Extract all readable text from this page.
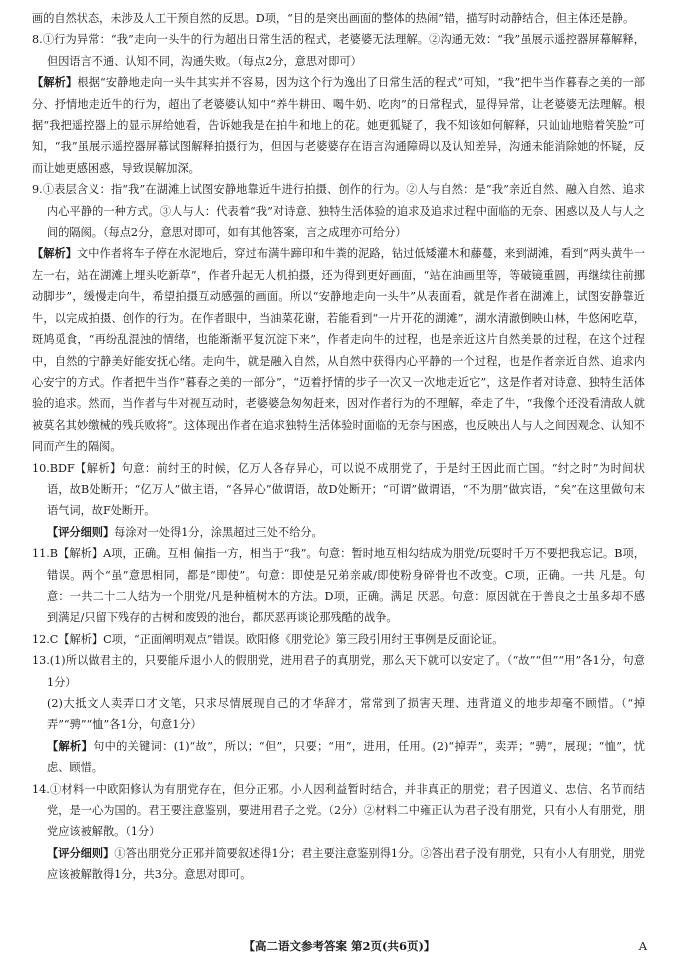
画的自然状态，未涉及人工干预自然的反思。D项，“目的是突出画面的整体的热闹”错，描写时动静结合，但主体还是静。

8.①行为异常：“我”走向一头牛的行为超出日常生活的程式，老婆婆无法理解。②沟通无效：“我”虽展示遥控器屏幕解释，但因语言不通、认知不同，沟通失败。（每点2分，意思对即可）

【解析】根据“安静地走向一头牛其实并不容易，因为这个行为逸出了日常生活的程式”可知，“我”把牛当作暮春之美的一部分、抒情地走近牛的行为，超出了老婆婆认知中“养牛耕田、喝牛奶、吃肉”的日常程式，显得异常，让老婆婆无法理解。根据“我把遥控器上的显示屏给她看，告诉她我是在拍牛和地上的花。她更狐疑了，我不知该如何解释，只讪讪地赔着笑脸”可知，“我”虽展示遥控器屏幕试图解释拍摄行为，但因与老婆婆存在语言沟通障碍以及认知差异，沟通未能消除她的怀疑，反而让她更感困惑，导致误解加深。

9.①表层含义：指“我”在湖滩上试图安静地靠近牛进行拍摄、创作的行为。②人与自然：是“我”亲近自然、融入自然、追求内心平静的一种方式。③人与人：代表着“我”对诗意、独特生活体验的追求及追求过程中面临的无奈、困惑以及人与人之间的隔阂。（每点2分，意思对即可，如有其他答案，言之成理亦可给分）

【解析】文中作者将车子停在水泥地后，穿过布满牛蹄印和牛粪的泥路，钻过低矮灌木和藤蔓，来到湖滩，看到“两头黄牛一左一右，站在湖滩上埋头吃新草”，作者升起无人机拍摄，还为得到更好画面，“站在油画里等，等破镜重圆，再继续往前挪动脚步”，缓慢走向牛，希望拍摄互动感强的画面。所以“安静地走向一头牛”从表面看，就是作者在湖滩上，试图安静靠近牛，以完成拍摄、创作的行为。在作者眼中，当油菜花谢，若能看到“一片开花的湖滩”，湖水清澈倒映山林，牛悠闲吃草，斑鸠觅食，“再纷乱混浊的情绪，也能渐渐平复沉淀下来”，作者走向牛的过程，也是亲近这片自然美景的过程，在这个过程中，自然的宁静美好能安抚心绪。走向牛，就是融入自然，从自然中获得内心平静的一个过程，也是作者亲近自然、追求内心安宁的方式。作者把牛当作“暮春之美的一部分”，“迈着抒情的步子一次又一次地走近它”，这是作者对诗意、独特生活体验的追求。然而，当作者与牛对视互动时，老婆婆急匆匆赶来，因对作者行为的不理解，牵走了牛，“我像个还没看清敌人就被莫名其妙缴械的残兵败将”。这体现出作者在追求独特生活体验时面临的无奈与困惑，也反映出人与人之间因观念、认知不同而产生的隔阂。

10.BDF【解析】句意：前纣王的时候，亿万人各存异心，可以说不成朋党了，于是纣王因此而亡国。“纣之时”为时间状语，故B处断开；“亿万人”做主语，“各异心”做谓语，故D处断开；“可谓”做谓语，“不为朋”做宾语，“矣”在这里做句末语气词，故F处断开。

【评分细则】每涂对一处得1分，涂黑超过三处不给分。

11.B【解析】A项，正确。互相 偏指一方，相当于“我”。句意：暂时地互相勾结成为朋党/玩耍时千万不要把我忘记。B项，错误。两个“虽”意思相同，都是“即使”。句意：即使是兄弟亲戚/即使粉身碎骨也不改变。C项，正确。一共 凡是。句意：一共二十二人结为一个朋党/凡是种植树木的方法。D项，正确。满足 厌恶。句意：原因就在于善良之士虽多却不感到满足/只留下残存的古树和废毁的池台，都厌恶再谈论那残酷的战争。

12.C【解析】C项，“正面阐明观点”错误。欧阳修《朋党论》第三段引用纣王事例是反面论证。

13.(1)所以做君主的，只要能斥退小人的假朋党，进用君子的真朋党，那么天下就可以安定了。（“故”“但”“用”各1分，句意1分）

(2)大抵文人卖弄口才文笔，只求尽情展现自己的才华辞才，常常到了损害天理、违背道义的地步却毫不顾惜。（“掉弄”“骋”“恤”各1分，句意1分）

【解析】句中的关键词：(1)“故”，所以；“但”，只要；“用”，进用，任用。(2)“掉弄”，卖弄；“骋”，展现；“恤”，忧虑、顾惜。

14.①材料一中欧阳修认为有朋党存在，但分正邪。小人因利益暂时结合，并非真正的朋党；君子因道义、忠信、名节而结党，是一心为国的。君王要注意鉴别，要进用君子之党。（2分）②材料二中雍正认为君子没有朋党，只有小人有朋党，朋党应该被解散。（1分）

【评分细则】①答出朋党分正邪并简要叙述得1分；君主要注意鉴别得1分。②答出君子没有朋党，只有小人有朋党，朋党应该被解散得1分，共3分。意思对即可。

【高二语文参考答案 第2页(共6页)】	A
